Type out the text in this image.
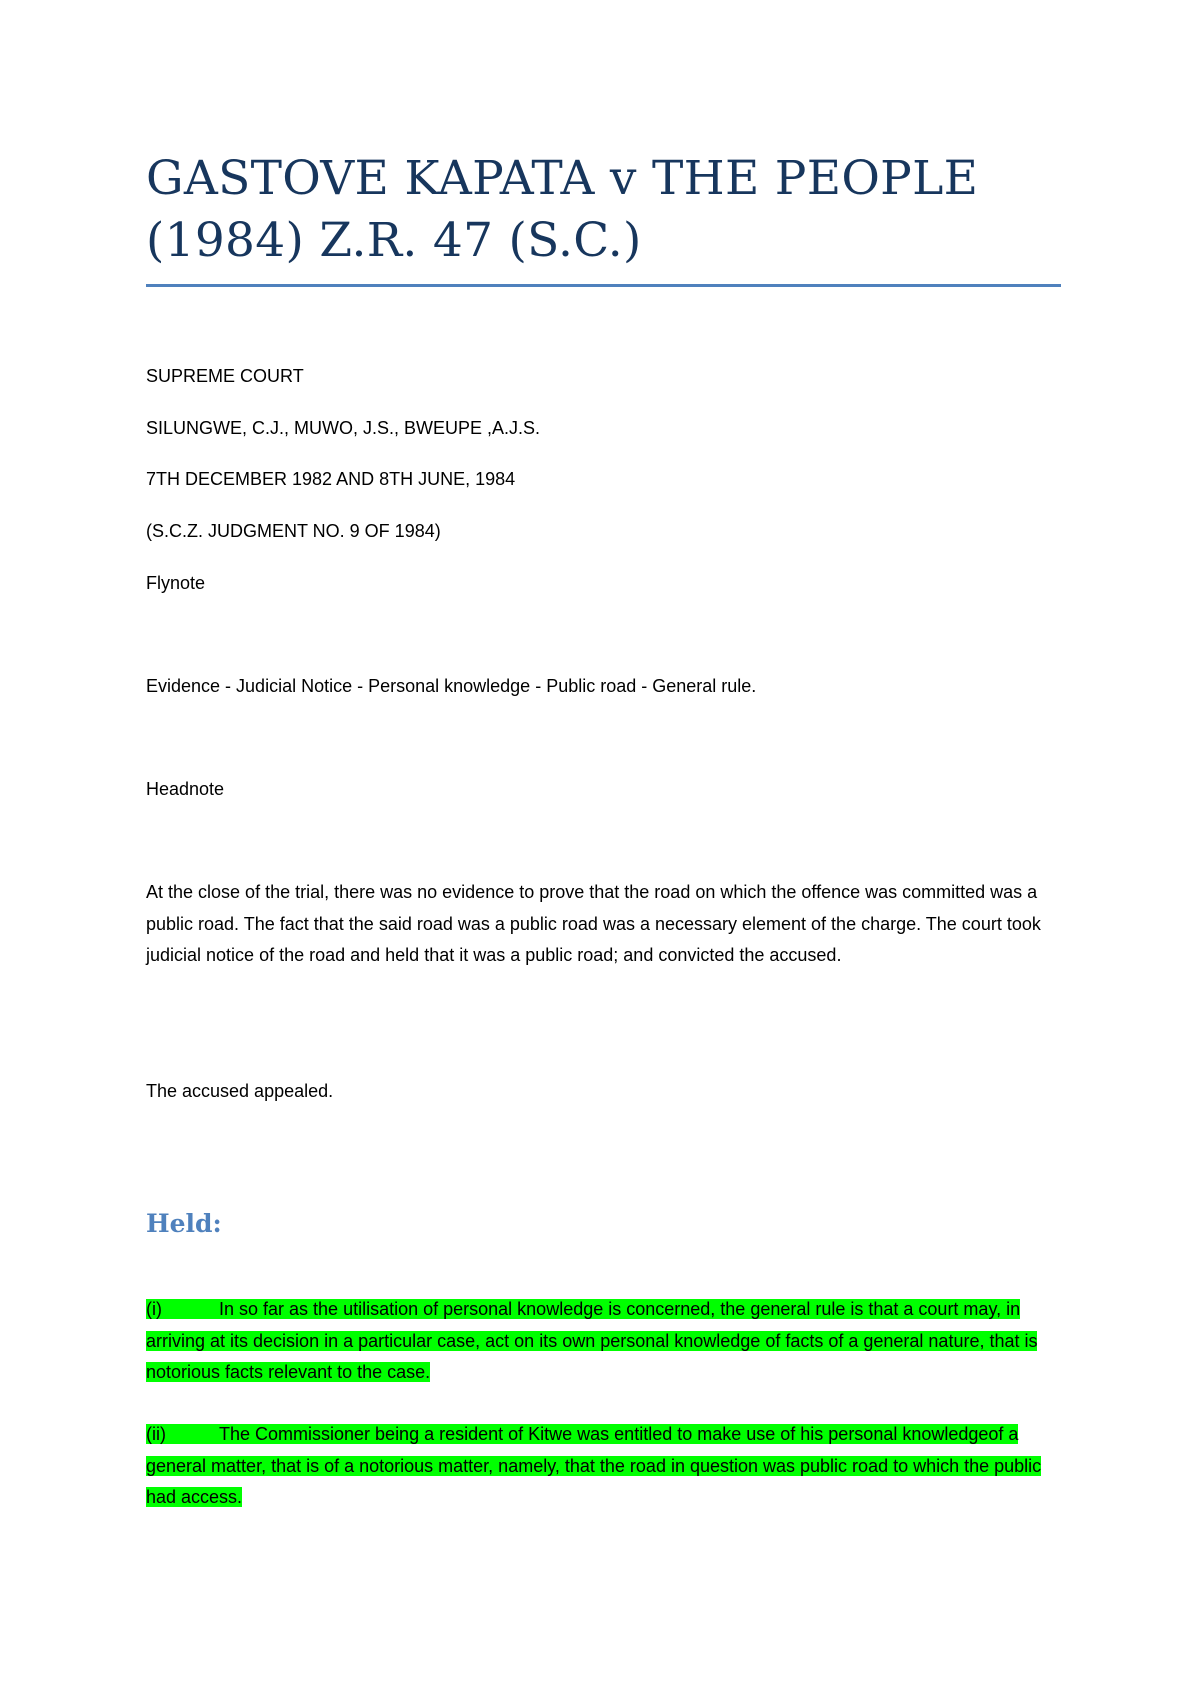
GASTOVE KAPATA v THE PEOPLE
(1984) Z.R. 47 (S.C.)
SUPREME COURT
SILUNGWE, C.J., MUWO, J.S., BWEUPE ,A.J.S.
7TH DECEMBER 1982 AND 8TH JUNE, 1984
(S.C.Z. JUDGMENT NO. 9 OF 1984)
Flynote
Evidence - Judicial Notice - Personal knowledge - Public road - General rule.
Headnote
At the close of the trial, there was no evidence to prove that the road on which the offence was committed was a public road. The fact that the said road was a public road was a necessary element of the charge. The court took judicial notice of the road and held that it was a public road; and convicted the accused.
The accused appealed.
Held:
(i)	In so far as the utilisation of personal knowledge is concerned, the general rule is that a court may, in arriving at its decision in a particular case, act on its own personal knowledge of facts of a general nature, that is notorious facts relevant to the case.
(ii)	The Commissioner being a resident of Kitwe was entitled to make use of his personal knowledgeof a general matter, that is of a notorious matter, namely, that the road in question was public road to which the public had access.
